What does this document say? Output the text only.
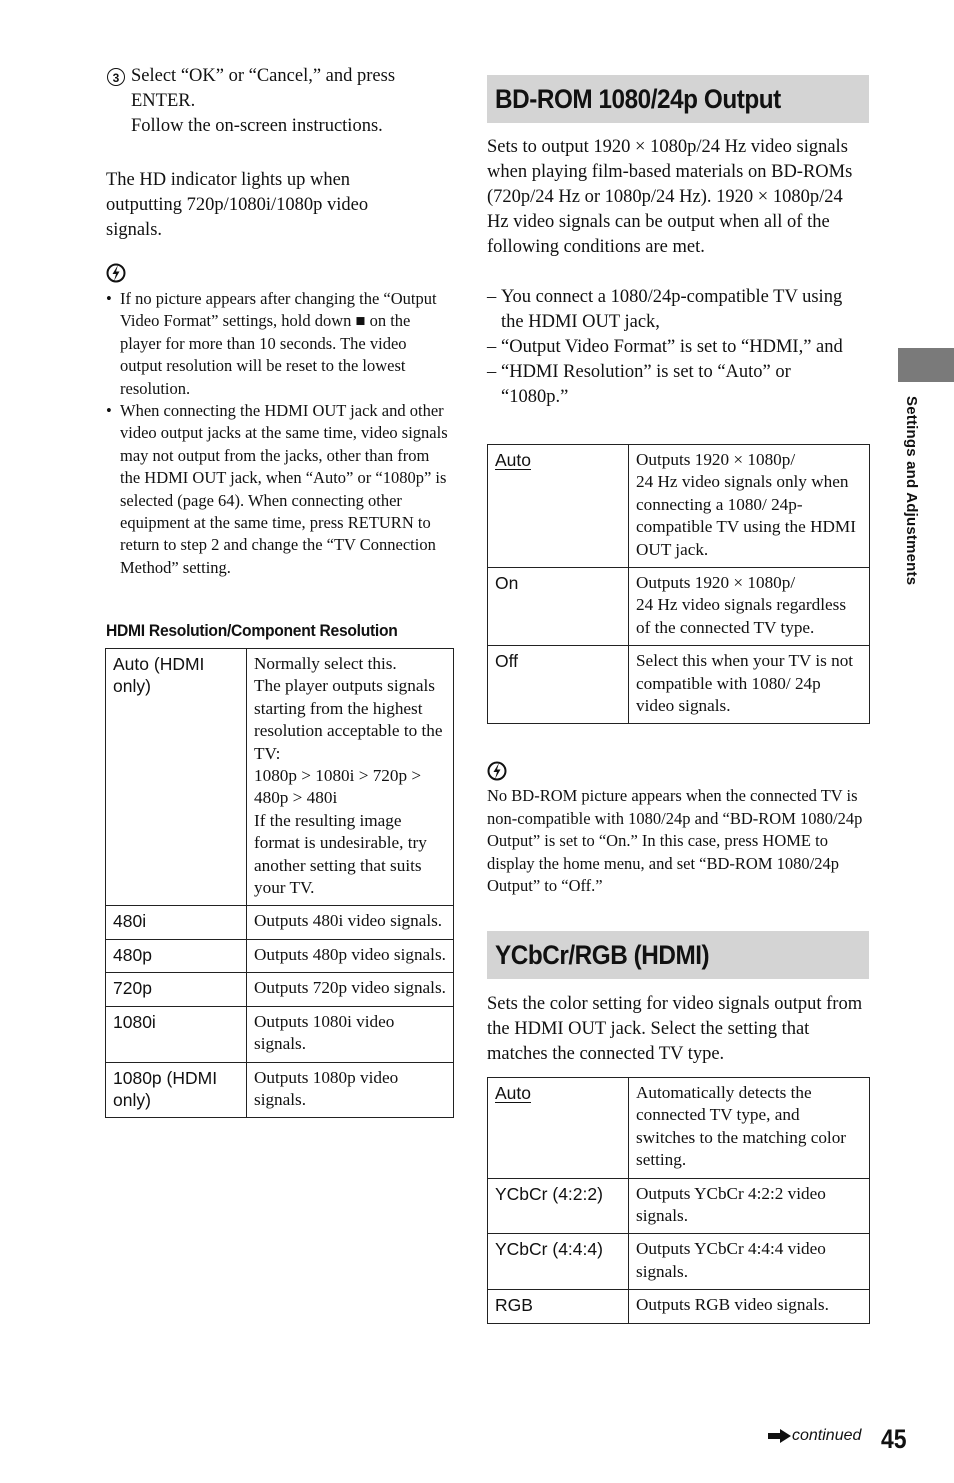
3 Select “OK” or “Cancel,” and press ENTER.
Follow the on-screen instructions.

The HD indicator lights up when outputting 720p/1080i/1080p video signals.

• If no picture appears after changing the “Output Video Format” settings, hold down ■ on the player for more than 10 seconds. The video output resolution will be reset to the lowest resolution.
• When connecting the HDMI OUT jack and other video output jacks at the same time, video signals may not output from the jacks, other than from the HDMI OUT jack, when “Auto” or “1080p” is selected (page 64). When connecting other equipment at the same time, press RETURN to return to step 2 and change the “TV Connection Method” setting.
HDMI Resolution/Component Resolution
Auto (HDMI only)	Normally select this.
The player outputs signals starting from the highest resolution acceptable to the TV:
1080p > 1080i > 720p > 480p > 480i
If the resulting image format is undesirable, try another setting that suits your TV.
480i	Outputs 480i video signals.
480p	Outputs 480p video signals.
720p	Outputs 720p video signals.
1080i	Outputs 1080i video signals.
1080p (HDMI only)	Outputs 1080p video signals.
BD-ROM 1080/24p Output

Sets to output 1920 × 1080p/24 Hz video signals when playing film-based materials on BD-ROMs (720p/24 Hz or 1080p/24 Hz). 1920 × 1080p/24 Hz video signals can be output when all of the following conditions are met.

– You connect a 1080/24p-compatible TV using the HDMI OUT jack,
– “Output Video Format” is set to “HDMI,” and
– “HDMI Resolution” is set to “Auto” or “1080p.”
Auto	Outputs 1920 × 1080p/
24 Hz video signals only when connecting a 1080/ 24p-compatible TV using the HDMI OUT jack.
On	Outputs 1920 × 1080p/
24 Hz video signals regardless of the connected TV type.
Off	Select this when your TV is not compatible with 1080/ 24p video signals.

No BD-ROM picture appears when the connected TV is non-compatible with 1080/24p and “BD-ROM 1080/24p Output” is set to “On.” In this case, press HOME to display the home menu, and set “BD-ROM 1080/24p Output” to “Off.”

YCbCr/RGB (HDMI)

Sets the color setting for video signals output from the HDMI OUT jack. Select the setting that matches the connected TV type.

Auto	Automatically detects the connected TV type, and switches to the matching color setting.
YCbCr (4:2:2)	Outputs YCbCr 4:2:2 video signals.
YCbCr (4:4:4)	Outputs YCbCr 4:4:4 video signals.
RGB	Outputs RGB video signals.
Settings and Adjustments
continued 45
